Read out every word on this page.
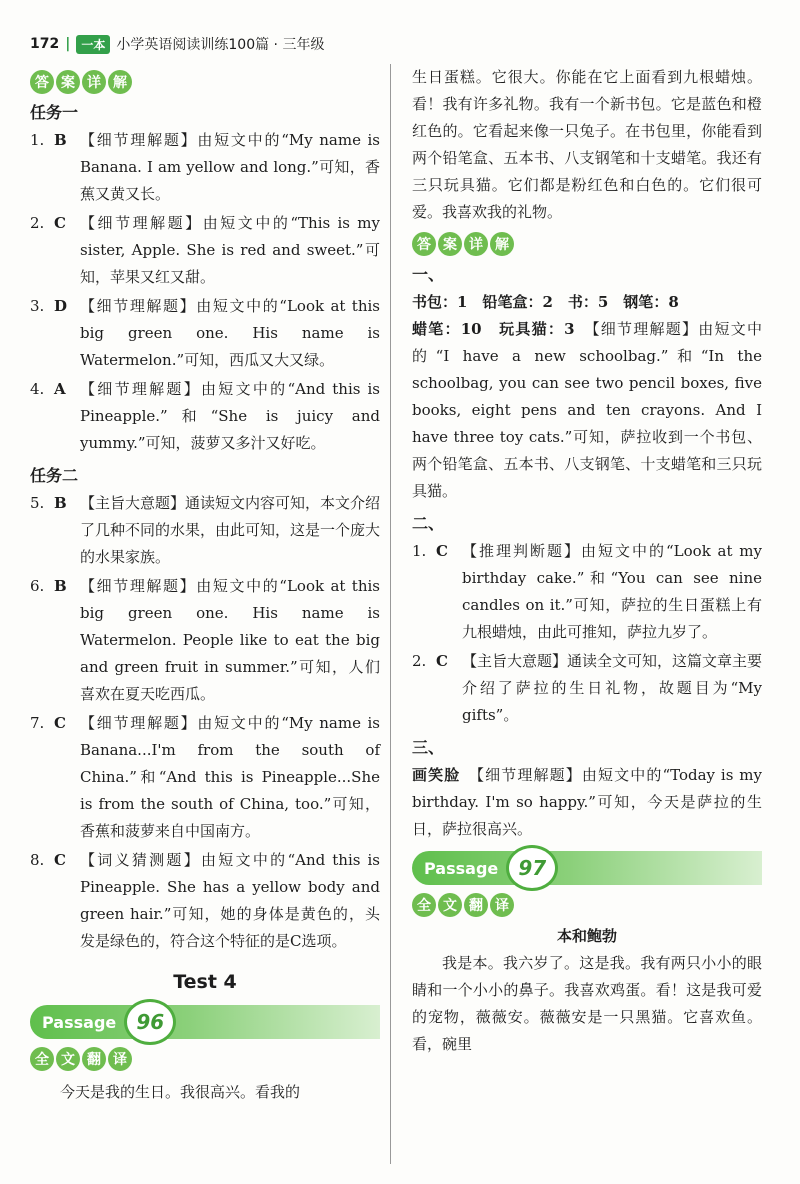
172 | 一本 小学英语阅读训练100篇 · 三年级
答 案 详 解
任务一
1. B 【细节理解题】由短文中的“My name is Banana. I am yellow and long.”可知，香蕉又黄又长。
2. C 【细节理解题】由短文中的“This is my sister, Apple. She is red and sweet.”可知，苹果又红又甜。
3. D 【细节理解题】由短文中的“Look at this big green one. His name is Watermelon.”可知，西瓜又大又绿。
4. A 【细节理解题】由短文中的“And this is Pineapple.”和“She is juicy and yummy.”可知，菠萝又多汁又好吃。
任务二
5. B 【主旨大意题】通读短文内容可知，本文介绍了几种不同的水果，由此可知，这是一个庞大的水果家族。
6. B 【细节理解题】由短文中的“Look at this big green one. His name is Watermelon. People like to eat the big and green fruit in summer.”可知，人们喜欢在夏天吃西瓜。
7. C 【细节理解题】由短文中的“My name is Banana...I'm from the south of China.”和“And this is Pineapple...She is from the south of China, too.”可知，香蕉和菠萝来自中国南方。
8. C 【词义猜测题】由短文中的“And this is Pineapple. She has a yellow body and green hair.”可知，她的身体是黄色的，头发是绿色的，符合这个特征的是C选项。
Test 4
Passage	96
全 文 翻 译
今天是我的生日。我很高兴。看我的
生日蛋糕。它很大。你能在它上面看到九根蜡烛。看！我有许多礼物。我有一个新书包。它是蓝色和橙红色的。它看起来像一只兔子。在书包里，你能看到两个铅笔盒、五本书、八支钢笔和十支蜡笔。我还有三只玩具猫。它们都是粉红色和白色的。它们很可爱。我喜欢我的礼物。
答 案 详 解
一、
书包：1　铅笔盒：2　书：5　钢笔：8
蜡笔：10　玩具猫：3　 【细节理解题】由短文中的“I have a new schoolbag.”和“In the schoolbag, you can see two pencil boxes, five books, eight pens and ten crayons. And I have three toy cats.”可知，萨拉收到一个书包、两个铅笔盒、五本书、八支钢笔、十支蜡笔和三只玩具猫。
二、
1. C 【推理判断题】由短文中的“Look at my birthday cake.”和“You can see nine candles on it.”可知，萨拉的生日蛋糕上有九根蜡烛，由此可推知，萨拉九岁了。
2. C 【主旨大意题】通读全文可知，这篇文章主要介绍了萨拉的生日礼物，故题目为“My gifts”。
三、
画笑脸　 【细节理解题】由短文中的“Today is my birthday. I'm so happy.”可知，今天是萨拉的生日，萨拉很高兴。
Passage	97
全 文 翻 译
本和鲍勃
我是本。我六岁了。这是我。我有两只小小的眼睛和一个小小的鼻子。我喜欢鸡蛋。看！这是我可爱的宠物，薇薇安。薇薇安是一只黑猫。它喜欢鱼。看，碗里
